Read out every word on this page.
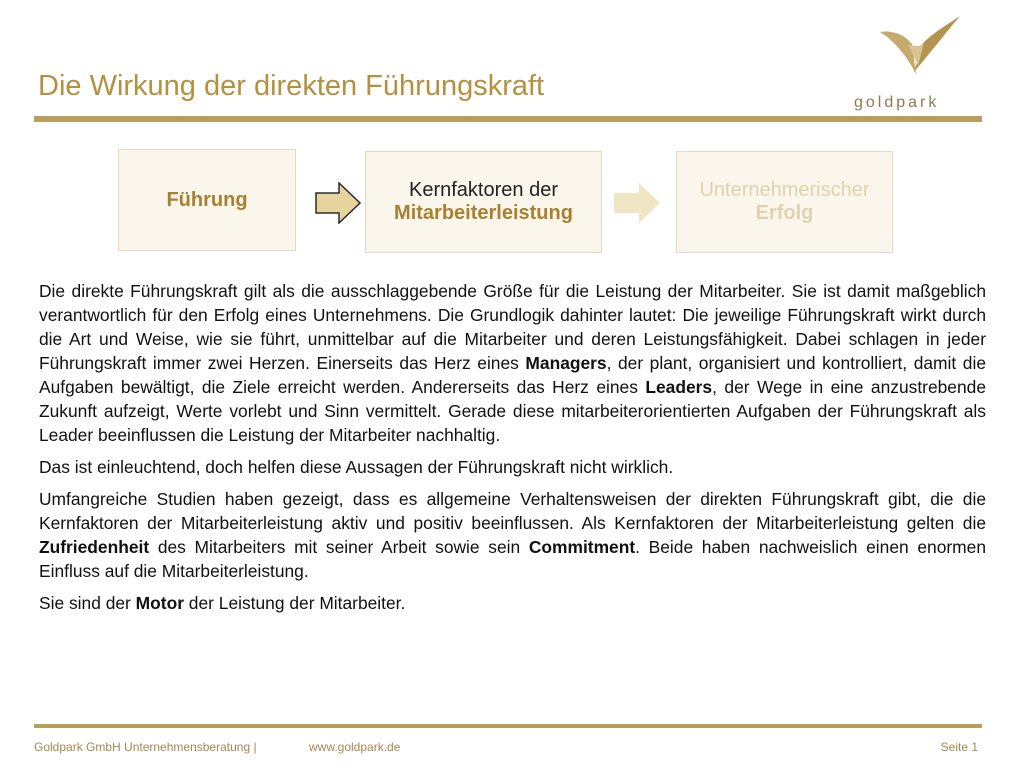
Die Wirkung der direkten Führungskraft
goldpark
Führung	Kernfaktoren der
Mitarbeiterleistung
Unternehmerischer
Erfolg

Die direkte Führungskraft gilt als die ausschlaggebende Größe für die Leistung der Mitarbeiter. Sie ist damit maßgeblich verantwortlich für den Erfolg eines Unternehmens. Die Grundlogik dahinter lautet: Die jeweilige Führungskraft wirkt durch die Art und Weise, wie sie führt, unmittelbar auf die Mitarbeiter und deren Leistungsfähigkeit. Dabei schlagen in jeder Führungskraft immer zwei Herzen. Einerseits das Herz eines Managers, der plant, organisiert und kontrolliert, damit die Aufgaben bewältigt, die Ziele erreicht werden. Andererseits das Herz eines Leaders, der Wege in eine anzustrebende Zukunft aufzeigt, Werte vorlebt und Sinn vermittelt. Gerade diese mitarbeiterorientierten Aufgaben der Führungskraft als Leader beeinflussen die Leistung der Mitarbeiter nachhaltig.

Das ist einleuchtend, doch helfen diese Aussagen der Führungskraft nicht wirklich.

Umfangreiche Studien haben gezeigt, dass es allgemeine Verhaltensweisen der direkten Führungskraft gibt, die die Kernfaktoren der Mitarbeiterleistung aktiv und positiv beeinflussen. Als Kernfaktoren der Mitarbeiterleistung gelten die Zufriedenheit des Mitarbeiters mit seiner Arbeit sowie sein Commitment. Beide haben nachweislich einen enormen Einfluss auf die Mitarbeiterleistung.

Sie sind der Motor der Leistung der Mitarbeiter.

Goldpark GmbH Unternehmensberatung |	www.goldpark.de	Seite 1
